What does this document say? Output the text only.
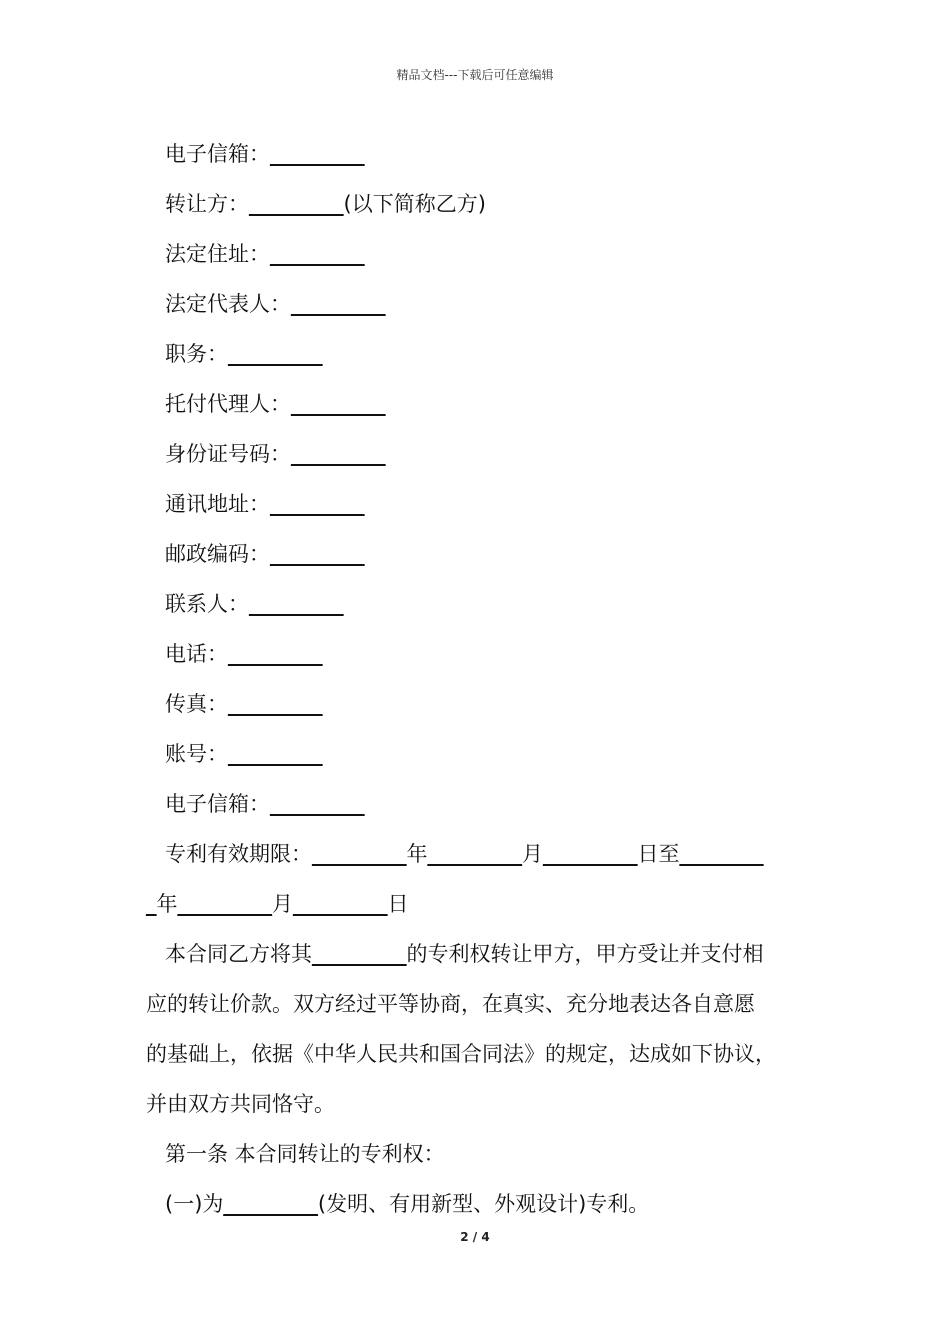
精品文档---下载后可任意编辑
电子信箱：_________
转让方：_________(以下简称乙方)
法定住址：_________
法定代表人：_________
职务：_________
托付代理人：_________
身份证号码：_________
通讯地址：_________
邮政编码：_________
联系人：_________
电话：_________
传真：_________
账号：_________
电子信箱：_________
专利有效期限：_________年_________月_________日至________
_年_________月_________日
本合同乙方将其_________的专利权转让甲方，甲方受让并支付相
应的转让价款。双方经过平等协商，在真实、充分地表达各自意愿
的基础上，依据《中华人民共和国合同法》的规定，达成如下协议，
并由双方共同恪守。
第一条 本合同转让的专利权：
(一)为_________(发明、有用新型、外观设计)专利。
2 / 4
